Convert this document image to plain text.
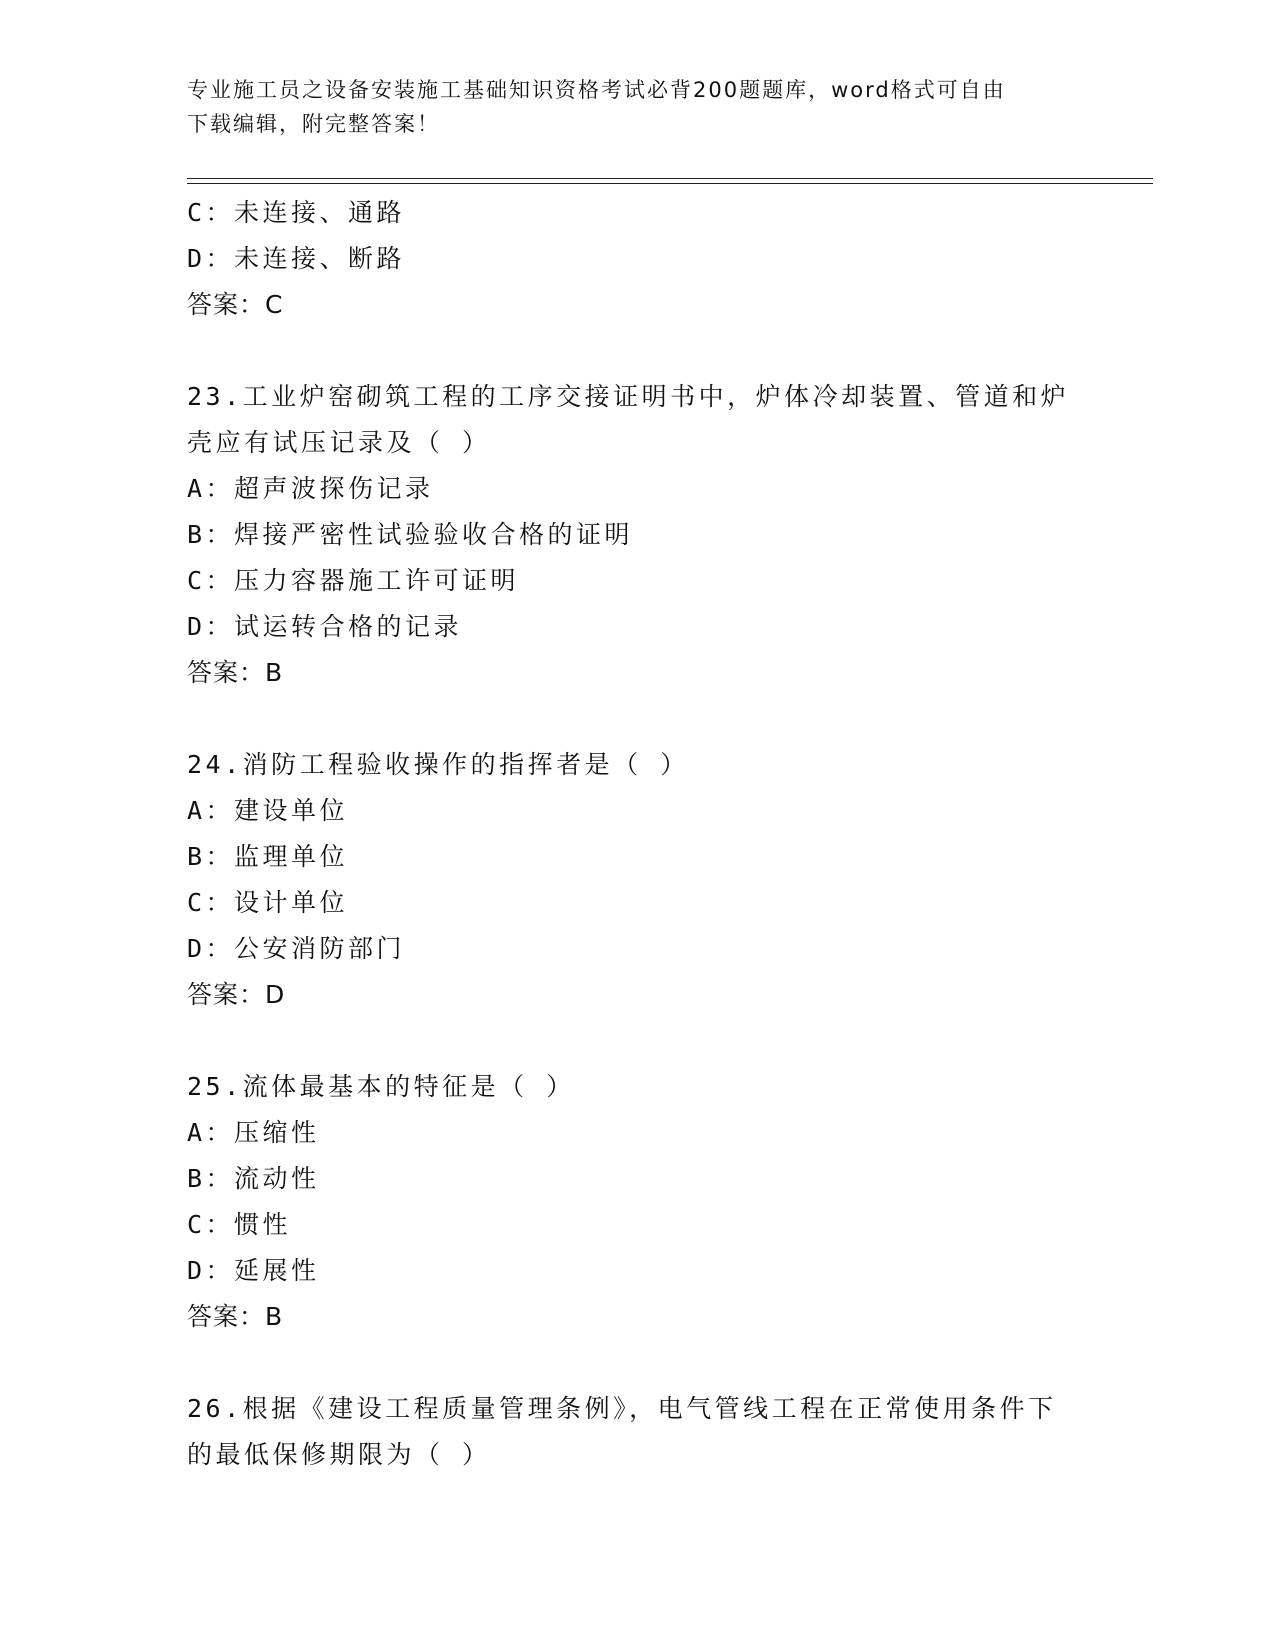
专业施工员之设备安装施工基础知识资格考试必背200题题库，word格式可自由
下载编辑，附完整答案！
C：未连接、通路
D：未连接、断路
答案：C
23.工业炉窑砌筑工程的工序交接证明书中，炉体冷却装置、管道和炉壳应有试压记录及（ ）
A：超声波探伤记录
B：焊接严密性试验验收合格的证明
C：压力容器施工许可证明
D：试运转合格的记录
答案：B
24.消防工程验收操作的指挥者是（ ）
A：建设单位
B：监理单位
C：设计单位
D：公安消防部门
答案：D
25.流体最基本的特征是（ ）
A：压缩性
B：流动性
C：惯性
D：延展性
答案：B
26.根据《建设工程质量管理条例》，电气管线工程在正常使用条件下的最低保修期限为（ ）
